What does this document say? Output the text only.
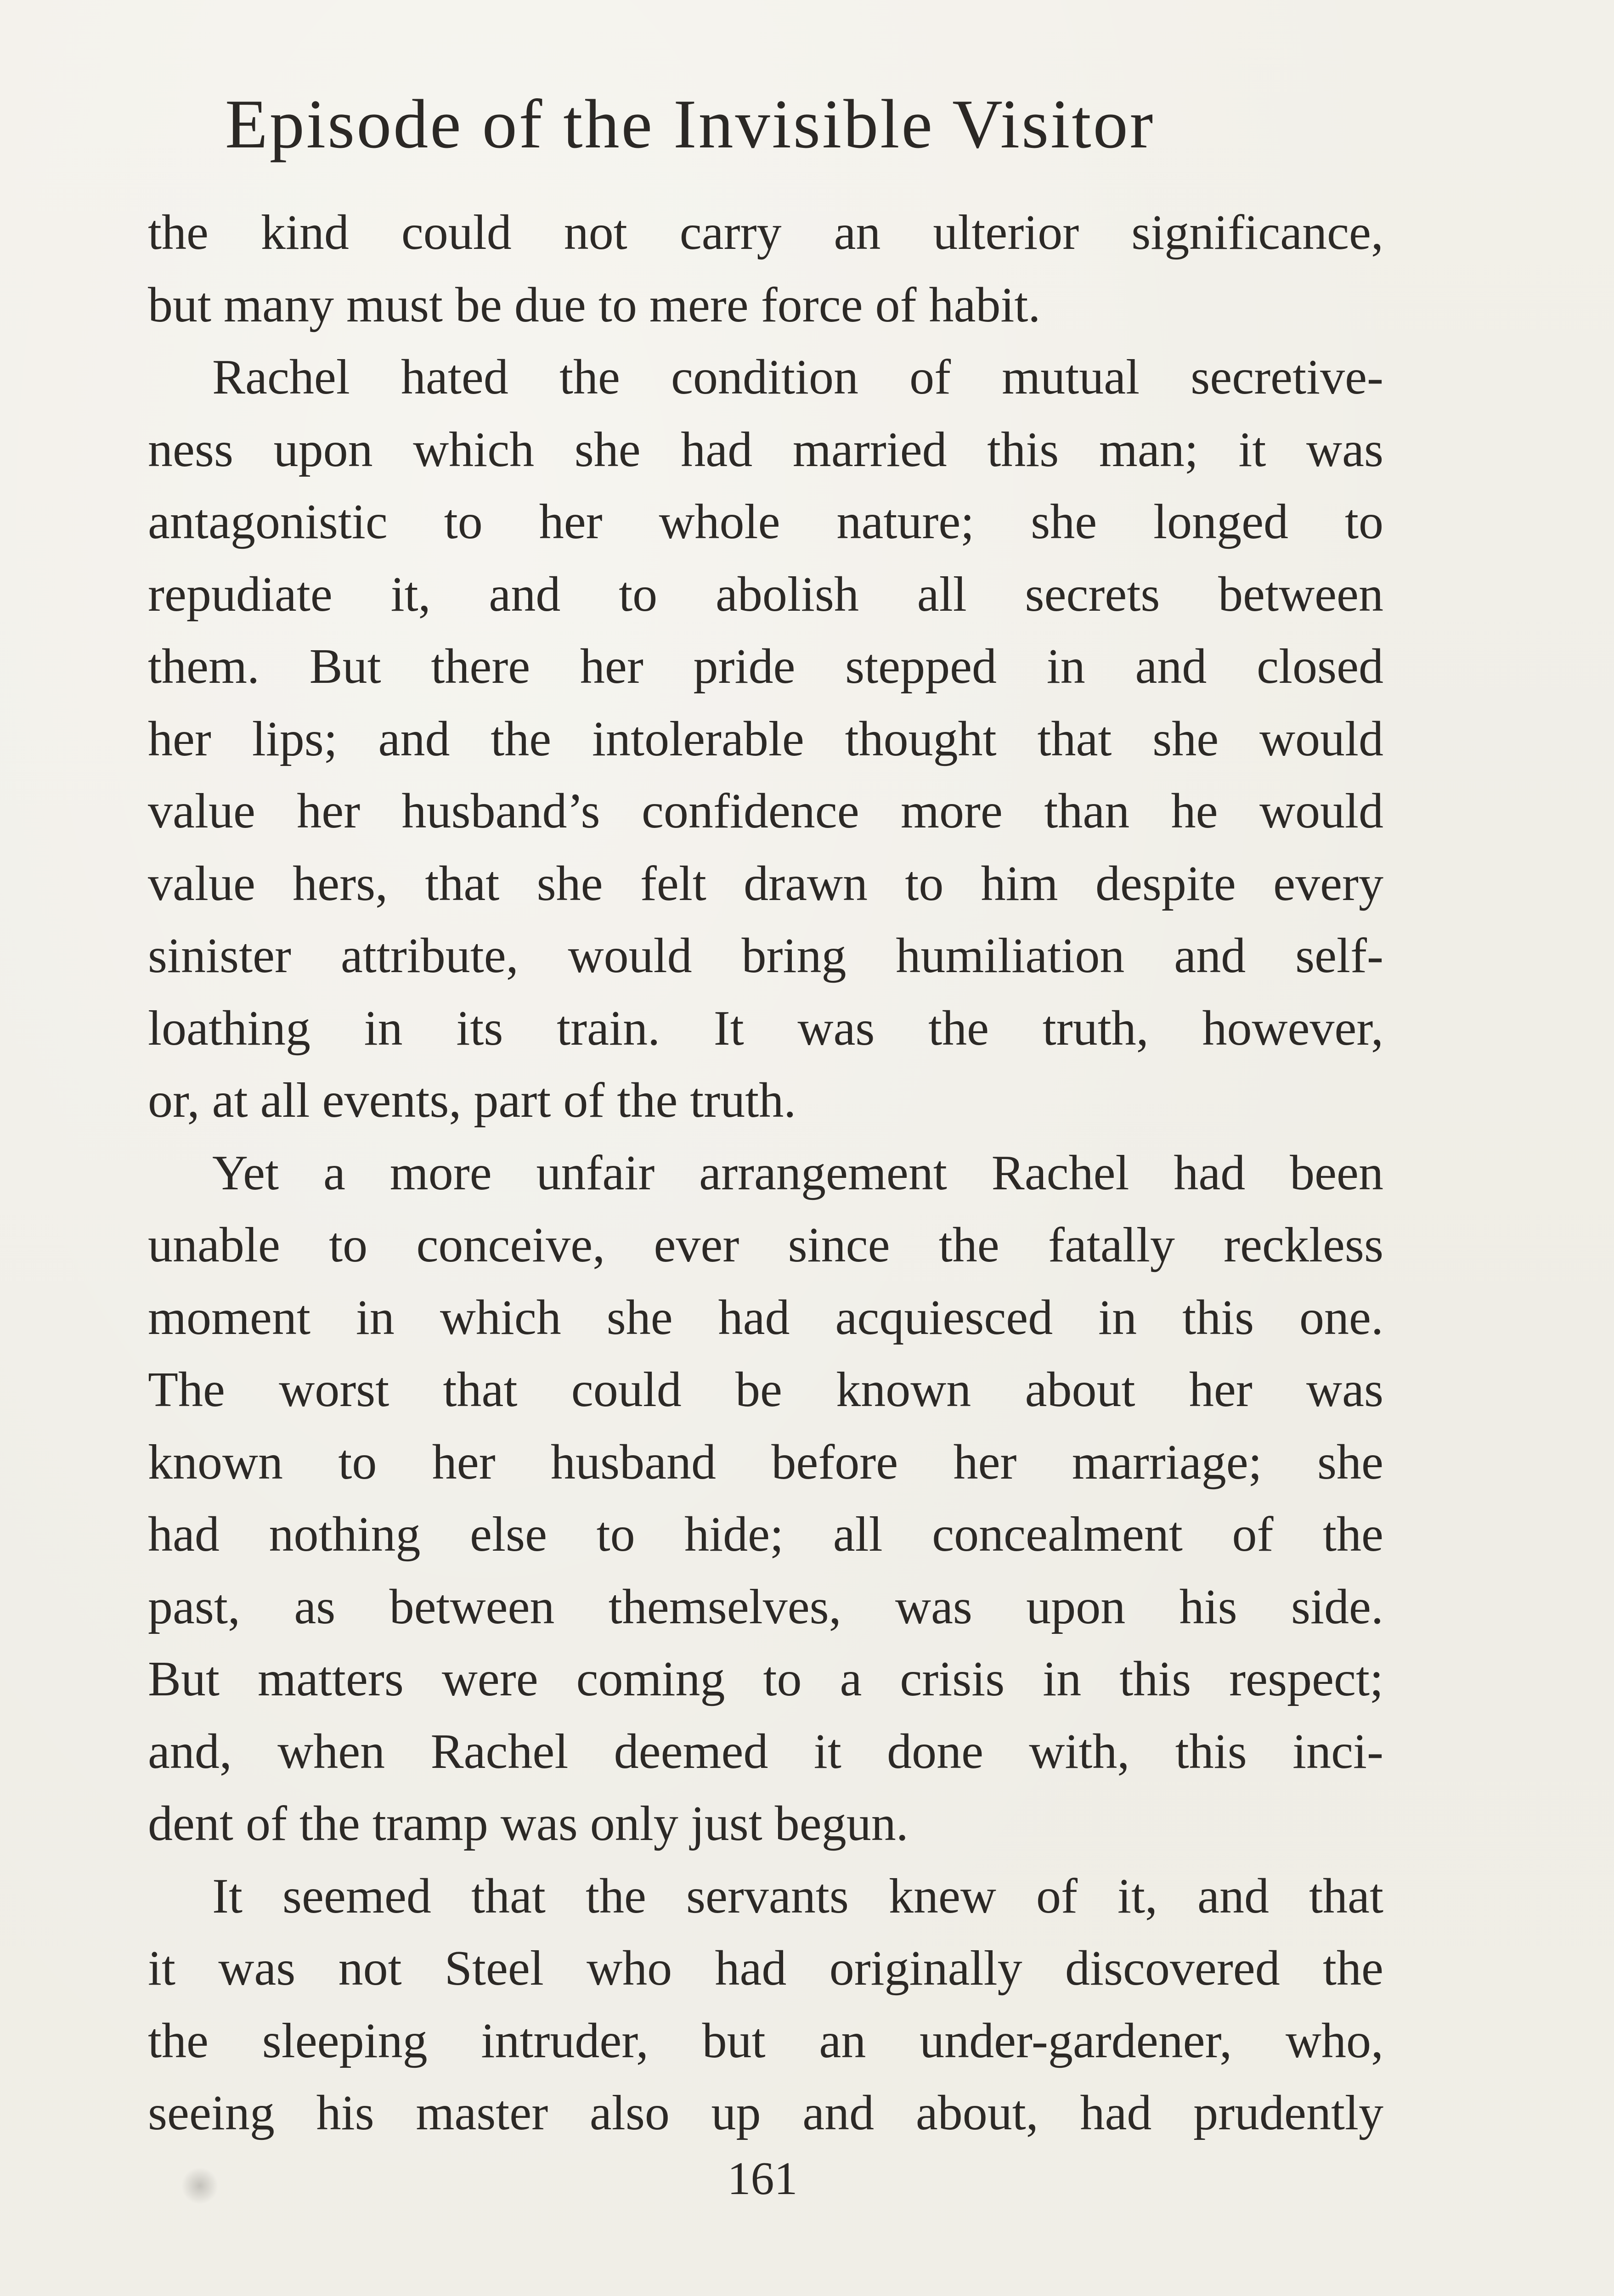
Episode of the Invisible Visitor
the kind could not carry an ulterior significance,
but many must be due to mere force of habit.
Rachel hated the condition of mutual secretive-
ness upon which she had married this man; it was
antagonistic to her whole nature; she longed to
repudiate it, and to abolish all secrets between
them. But there her pride stepped in and closed
her lips; and the intolerable thought that she would
value her husband’s confidence more than he would
value hers, that she felt drawn to him despite every
sinister attribute, would bring humiliation and self-
loathing in its train. It was the truth, however,
or, at all events, part of the truth.
Yet a more unfair arrangement Rachel had been
unable to conceive, ever since the fatally reckless
moment in which she had acquiesced in this one.
The worst that could be known about her was
known to her husband before her marriage; she
had nothing else to hide; all concealment of the
past, as between themselves, was upon his side.
But matters were coming to a crisis in this respect;
and, when Rachel deemed it done with, this inci-
dent of the tramp was only just begun.
It seemed that the servants knew of it, and that
it was not Steel who had originally discovered the
the sleeping intruder, but an under-gardener, who,
seeing his master also up and about, had prudently
161
